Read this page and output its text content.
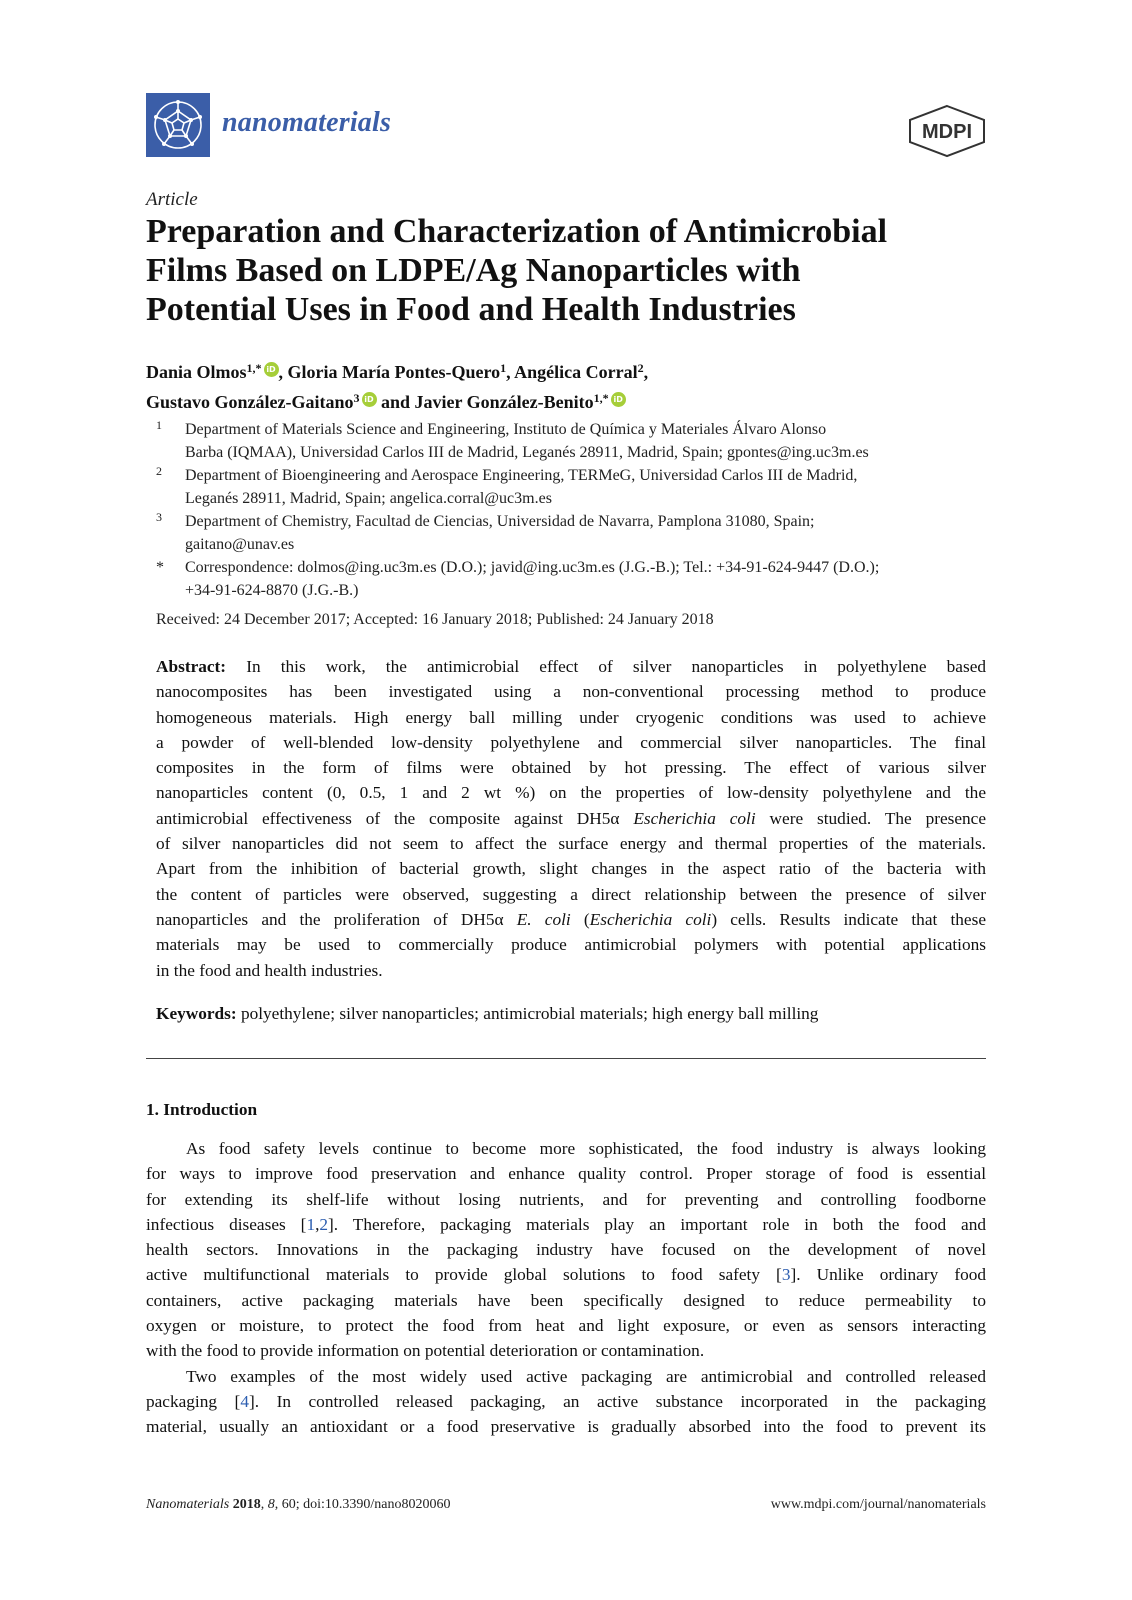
nanomaterials	MDPI
Article
Preparation and Characterization of Antimicrobial
Films Based on LDPE/Ag Nanoparticles with
Potential Uses in Food and Health Industries
Dania Olmos$^{1,*}$ iD , Gloria María Pontes-Quero$^1$, Angélica Corral$^2$,
Gustavo González-Gaitano$^3$ iD and Javier González-Benito$^{1,*}$ iD
1 Department of Materials Science and Engineering, Instituto de Química y Materiales Álvaro Alonso
Barba (IQMAA), Universidad Carlos III de Madrid, Leganés 28911, Madrid, Spain; gpontes@ing.uc3m.es
2 Department of Bioengineering and Aerospace Engineering, TERMeG, Universidad Carlos III de Madrid,
Leganés 28911, Madrid, Spain; angelica.corral@uc3m.es
3 Department of Chemistry, Facultad de Ciencias, Universidad de Navarra, Pamplona 31080, Spain;
gaitano@unav.es
* Correspondence: dolmos@ing.uc3m.es (D.O.); javid@ing.uc3m.es (J.G.-B.); Tel.: +34-91-624-9447 (D.O.);
+34-91-624-8870 (J.G.-B.)
Received: 24 December 2017; Accepted: 16 January 2018; Published: 24 January 2018
Abstract: In this work, the antimicrobial effect of silver nanoparticles in polyethylene based
nanocomposites has been investigated using a non-conventional processing method to produce
homogeneous materials. High energy ball milling under cryogenic conditions was used to achieve
a powder of well-blended low-density polyethylene and commercial silver nanoparticles. The final
composites in the form of films were obtained by hot pressing. The effect of various silver
nanoparticles content (0, 0.5, 1 and 2 wt %) on the properties of low-density polyethylene and the
antimicrobial effectiveness of the composite against DH5α Escherichia coli were studied. The presence
of silver nanoparticles did not seem to affect the surface energy and thermal properties of the materials.
Apart from the inhibition of bacterial growth, slight changes in the aspect ratio of the bacteria with
the content of particles were observed, suggesting a direct relationship between the presence of silver
nanoparticles and the proliferation of DH5α E. coli (Escherichia coli) cells. Results indicate that these
materials may be used to commercially produce antimicrobial polymers with potential applications
in the food and health industries.
Keywords: polyethylene; silver nanoparticles; antimicrobial materials; high energy ball milling
1. Introduction
As food safety levels continue to become more sophisticated, the food industry is always looking
for ways to improve food preservation and enhance quality control. Proper storage of food is essential
for extending its shelf-life without losing nutrients, and for preventing and controlling foodborne
infectious diseases [1,2]. Therefore, packaging materials play an important role in both the food and
health sectors. Innovations in the packaging industry have focused on the development of novel
active multifunctional materials to provide global solutions to food safety [3]. Unlike ordinary food
containers, active packaging materials have been specifically designed to reduce permeability to
oxygen or moisture, to protect the food from heat and light exposure, or even as sensors interacting
with the food to provide information on potential deterioration or contamination.
Two examples of the most widely used active packaging are antimicrobial and controlled released
packaging [4]. In controlled released packaging, an active substance incorporated in the packaging
material, usually an antioxidant or a food preservative is gradually absorbed into the food to prevent its
Nanomaterials 2018, 8, 60; doi:10.3390/nano8020060	www.mdpi.com/journal/nanomaterials
